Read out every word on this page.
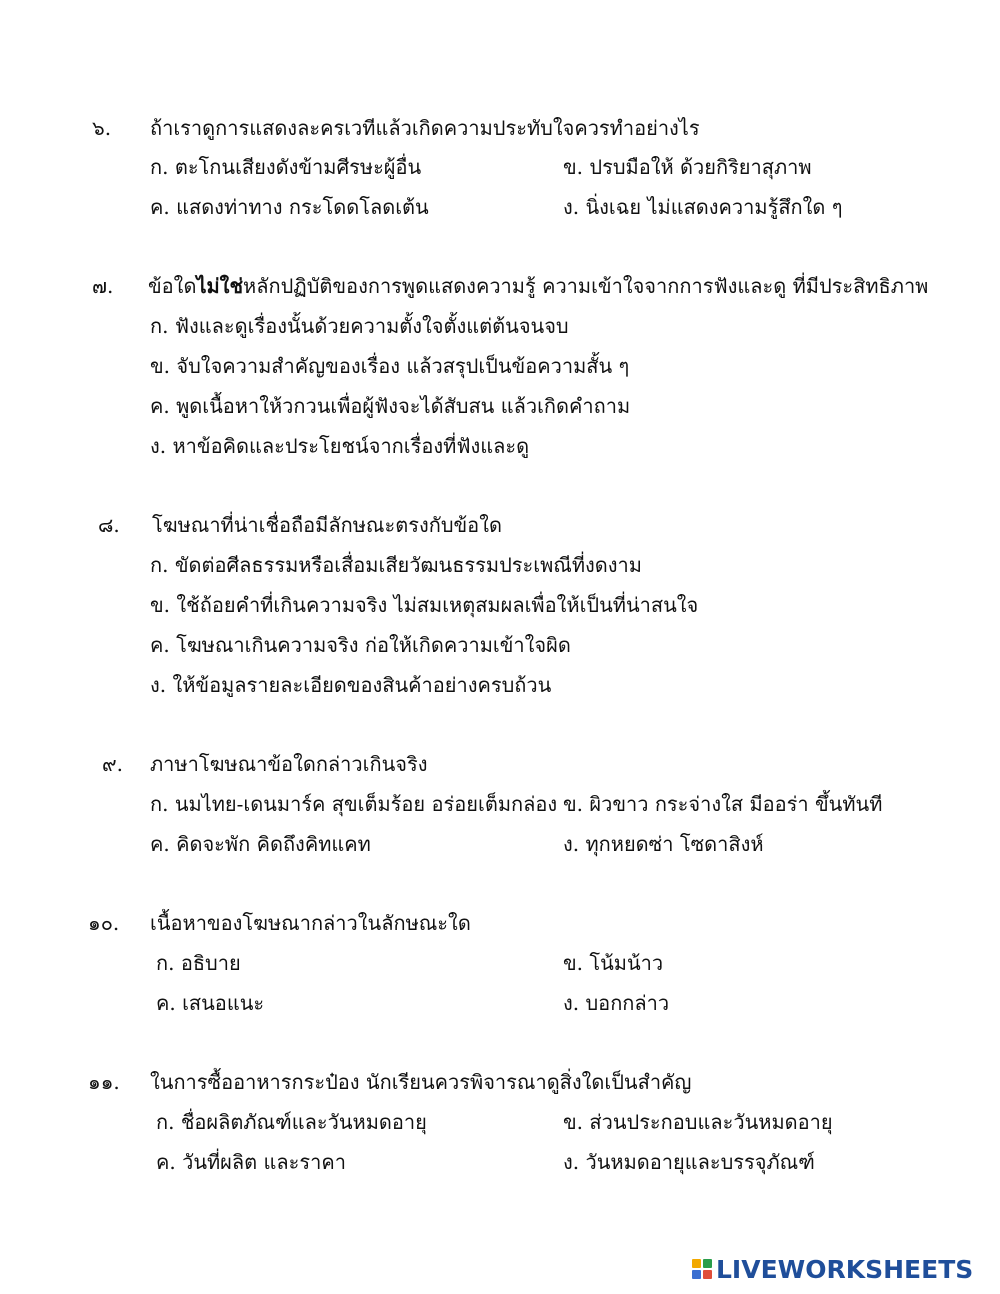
๖. ถ้าเราดูการแสดงละครเวทีแล้วเกิดความประทับใจควรทำอย่างไร
ก. ตะโกนเสียงดังข้ามศีรษะผู้อื่น	ข. ปรบมือให้ ด้วยกิริยาสุภาพ
ค. แสดงท่าทาง กระโดดโลดเต้น	ง. นิ่งเฉย ไม่แสดงความรู้สึกใด ๆ
๗. ข้อใดไม่ใช่หลักปฏิบัติของการพูดแสดงความรู้ ความเข้าใจจากการฟังและดู ที่มีประสิทธิภาพ
ก. ฟังและดูเรื่องนั้นด้วยความตั้งใจตั้งแต่ต้นจนจบ
ข. จับใจความสำคัญของเรื่อง แล้วสรุปเป็นข้อความสั้น ๆ
ค. พูดเนื้อหาให้วกวนเพื่อผู้ฟังจะได้สับสน แล้วเกิดคำถาม
ง. หาข้อคิดและประโยชน์จากเรื่องที่ฟังและดู
๘. โฆษณาที่น่าเชื่อถือมีลักษณะตรงกับข้อใด
ก. ขัดต่อศีลธรรมหรือเสื่อมเสียวัฒนธรรมประเพณีที่งดงาม
ข. ใช้ถ้อยคำที่เกินความจริง ไม่สมเหตุสมผลเพื่อให้เป็นที่น่าสนใจ
ค. โฆษณาเกินความจริง ก่อให้เกิดความเข้าใจผิด
ง. ให้ข้อมูลรายละเอียดของสินค้าอย่างครบถ้วน
๙. ภาษาโฆษณาข้อใดกล่าวเกินจริง
ก. นมไทย-เดนมาร์ค สุขเต็มร้อย อร่อยเต็มกล่อง ข. ผิวขาว กระจ่างใส มีออร่า ขึ้นทันที
ค. คิดจะพัก คิดถึงคิทแคท	ง. ทุกหยดซ่า โซดาสิงห์
๑๐. เนื้อหาของโฆษณากล่าวในลักษณะใด
ก. อธิบาย	ข. โน้มน้าว
ค. เสนอแนะ	ง. บอกกล่าว
๑๑. ในการซื้ออาหารกระป๋อง นักเรียนควรพิจารณาดูสิ่งใดเป็นสำคัญ
ก. ชื่อผลิตภัณฑ์และวันหมดอายุ	ข. ส่วนประกอบและวันหมดอายุ
ค. วันที่ผลิต และราคา	ง. วันหมดอายุและบรรจุภัณฑ์
LIVEWORKSHEETS
